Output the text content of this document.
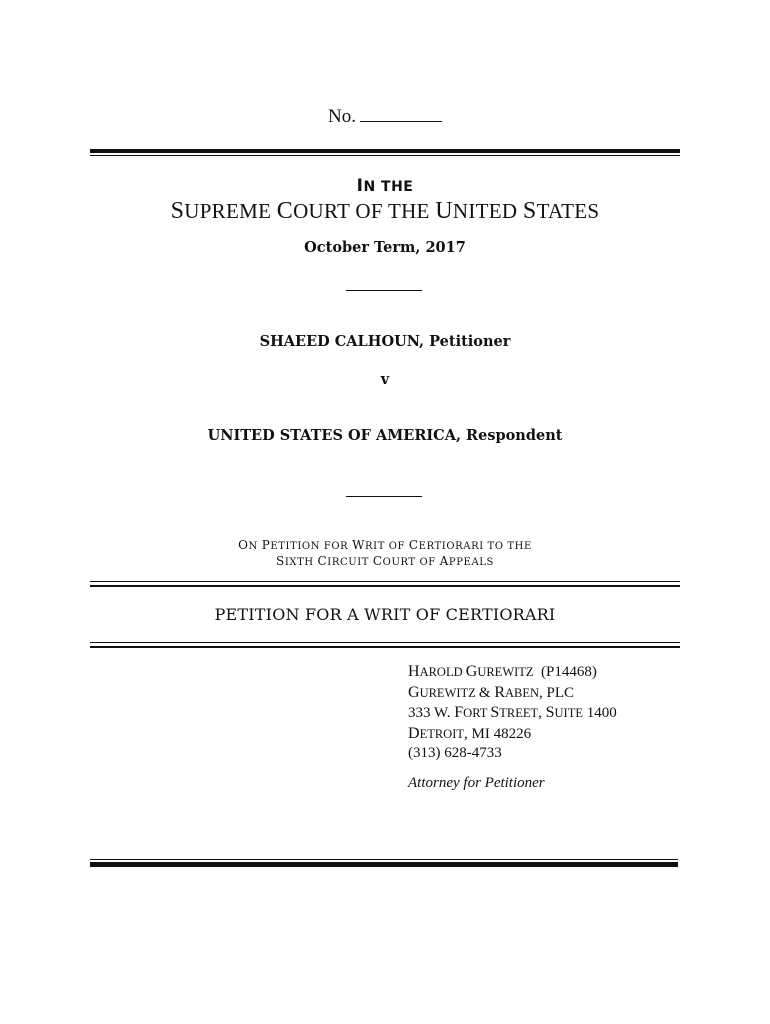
No.
IN THE
SUPREME COURT OF THE UNITED STATES
October Term, 2017
SHAEED CALHOUN, Petitioner
v
UNITED STATES OF AMERICA, Respondent
ON PETITION FOR WRIT OF CERTIORARI TO THE
SIXTH CIRCUIT COURT OF APPEALS
PETITION FOR A WRIT OF CERTIORARI
HAROLD GUREWITZ  (P14468)
GUREWITZ & RABEN, PLC
333 W. FORT STREET, SUITE 1400
DETROIT, MI 48226
(313) 628-4733
Attorney for Petitioner
